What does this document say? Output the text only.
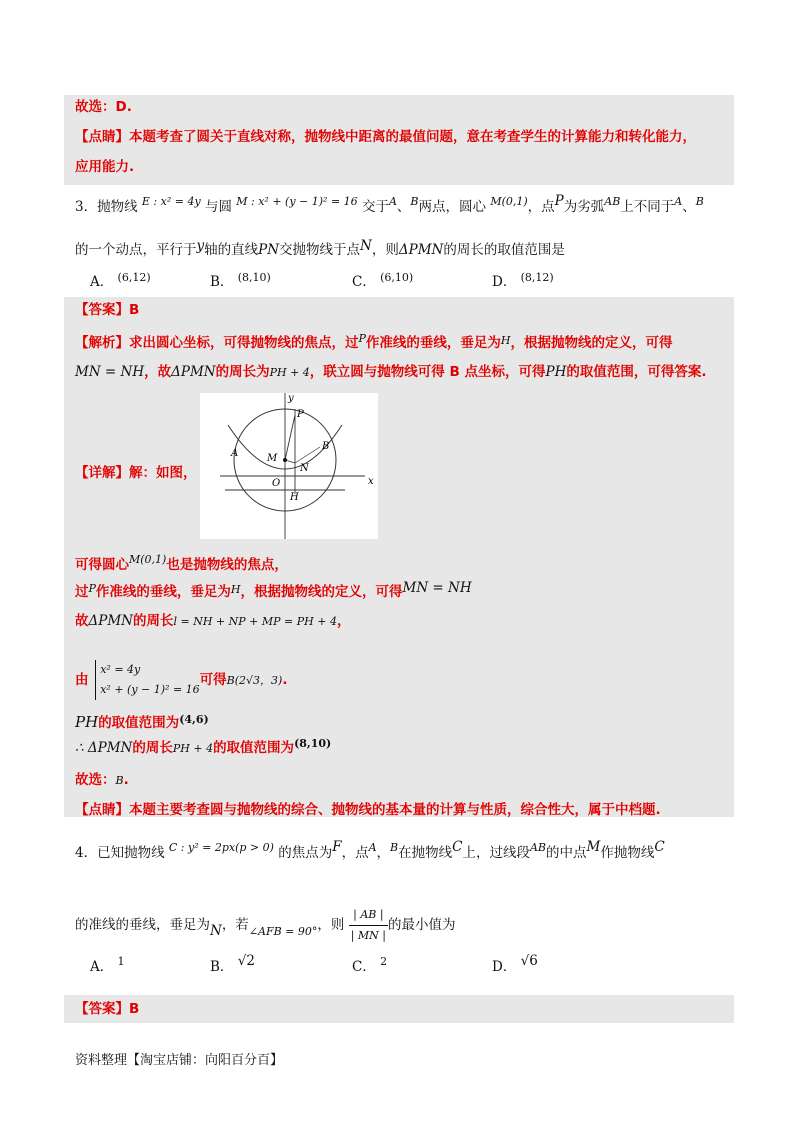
故选：D.
【点睛】本题考查了圆关于直线对称，抛物线中距离的最值问题，意在考查学生的计算能力和转化能力，
应用能力.
3．抛物线 $^{E : x^2 = 4y}$ 与圆 $^{M : x^2 + (y - 1)^2 = 16}$ 交于$^A$、$^B$两点，圆心 $^{M(0,1)}$，点P为劣弧$^{AB}$上不同于$^A$、$^B$
的一个动点，平行于y轴的直线PN交抛物线于点N，则ΔPMN的周长的取值范围是
A． $^{(6,12)}$	B． $^{(8,10)}$	C． $^{(6,10)}$	D． $^{(8,12)}$
【答案】B
【解析】求出圆心坐标，可得抛物线的焦点，过$^P$作准线的垂线，垂足为$^H$，根据抛物线的定义，可得
MN = NH，故ΔPMN的周长为PH + 4，联立圆与抛物线可得 B 点坐标，可得PH的取值范围，可得答案.
【详解】解：如图，
y
x
P
B
A	M
N
O
H
可得圆心$^{M(0,1)}$也是抛物线的焦点，
过$^P$作准线的垂线，垂足为$^H$，根据抛物线的定义，可得MN = NH
故ΔPMN的周长l = NH + NP + MP = PH + 4，
由
x² = 4y
x² + (y − 1)² = 16
可得B(2√3，3).
PH的取值范围为$^{(4,6)}$
∴ ΔPMN的周长PH + 4的取值范围为$^{(8,10)}$
故选：B.
【点睛】本题主要考查圆与抛物线的综合、抛物线的基本量的计算与性质，综合性大，属于中档题.
4．已知抛物线 $^{C : y^2 = 2px(p > 0)}$ 的焦点为F，点$^A$，$^B$在抛物线C上，过线段$^{AB}$的中点M作抛物线C
的准线的垂线，垂足为N，若$_{\angle AFB = 90^\circ}$，则 $\frac{| AB |}{| MN |}$ 的最小值为
A． $^1$	B． √2	C． $^2$	D． √6
【答案】B
资料整理【淘宝店铺：向阳百分百】
